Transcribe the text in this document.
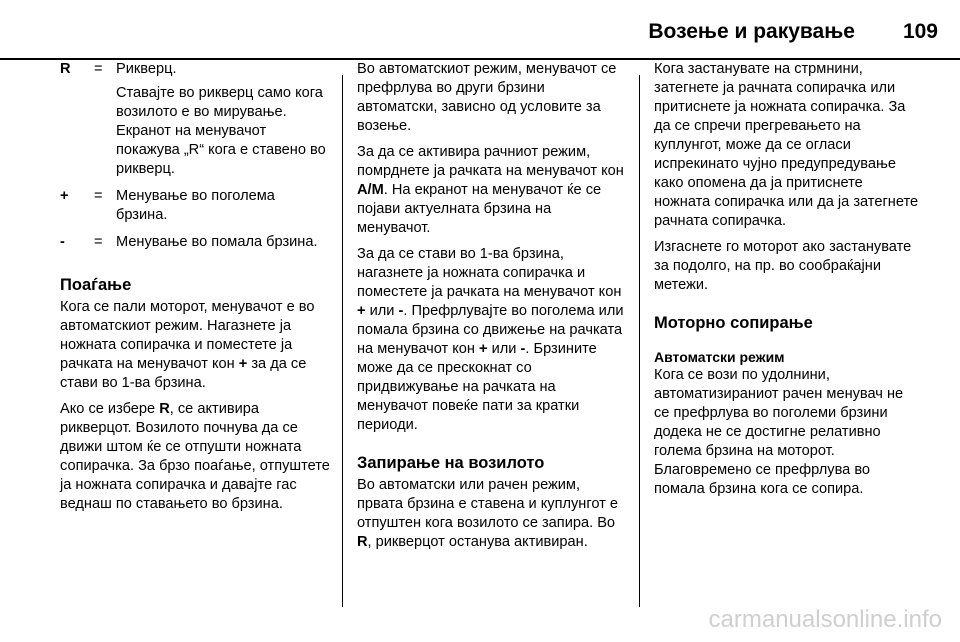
Возење и ракување 109
R	= Рикверц.

Ставајте во рикверц само кога возилото е во мирување. Екранот на менувачот покажува „R“ кога е ставено во рикверц.

+	= Менување во поголема брзина.

-	= Менување во помала брзина.

Поаѓање

Кога се пали моторот, менувачот е во автоматскиот режим. Нагазнете ја ножната сопирачка и поместете ја рачката на менувачот кон + за да се стави во 1-ва брзина.

Ако се избере R, се активира рикверцот. Возилото почнува да се движи штом ќе се отпушти ножната сопирачка. За брзо поаѓање, отпуштете ја ножната сопирачка и давајте гас веднаш по ставањето во брзина.

Во автоматскиот режим, менувачот се префрлува во други брзини автоматски, зависно од условите за возење.

За да се активира рачниот режим, помрднете ја рачката на менувачот кон A/M. На екранот на менувачот ќе се појави актуелната брзина на менувачот.

За да се стави во 1-ва брзина, нагазнете ја ножната сопирачка и поместете ја рачката на менувачот кон + или -. Префрлувајте во поголема или помала брзина со движење на рачката на менувачот кон + или -. Брзините може да се прескокнат со придвижување на рачката на менувачот повеќе пати за кратки периоди.

Запирање на возилото

Во автоматски или рачен режим, првата брзина е ставена и куплунгот е отпуштен кога возилото се запира. Во R, рикверцот останува активиран.

Кога застанувате на стрмнини, затегнете ја рачната сопирачка или притиснете ја ножната сопирачка. За да се спречи прегревањето на куплунгот, може да се огласи испрекинато чујно предупредување како опомена да ја притиснете ножната сопирачка или да ја затегнете рачната сопирачка.

Изгаснете го моторот ако застанувате за подолго, на пр. во сообраќајни метежи.

Моторно сопирање
Автоматски режим

Кога се вози по удолнини, автоматизираниот рачен менувач не се префрлува во поголеми брзини додека не се достигне релативно голема брзина на моторот. Благовремено се префрлува во помала брзина кога се сопира.

carmanualsonline.info
